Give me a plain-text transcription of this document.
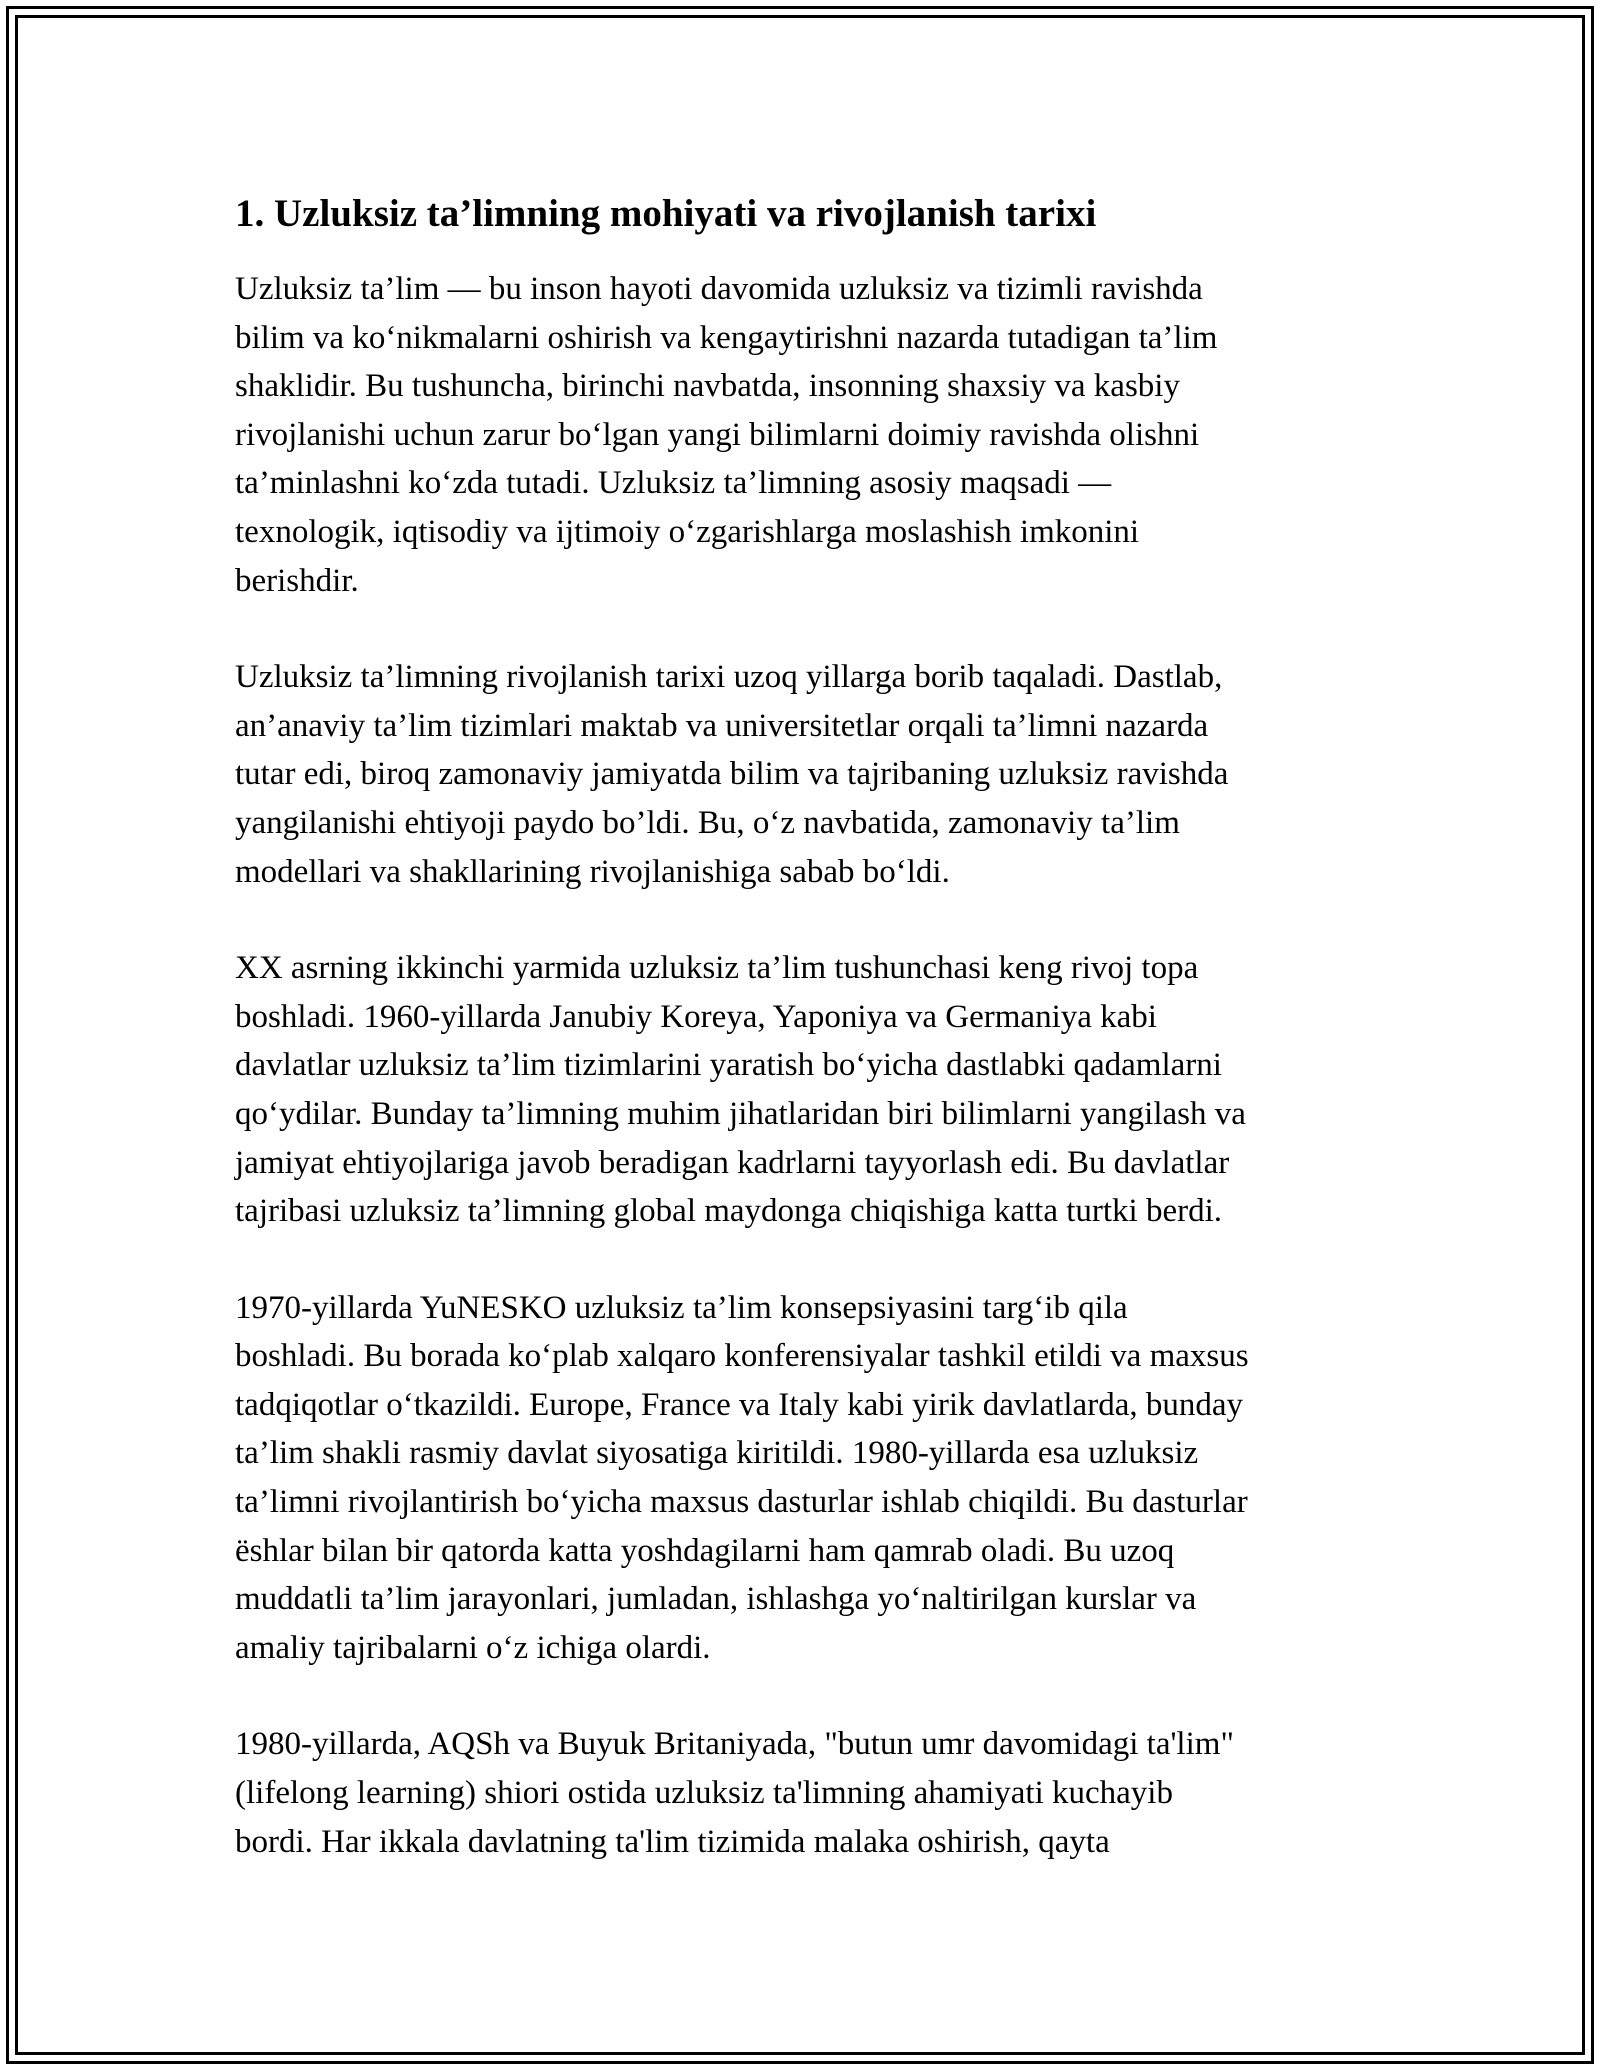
1. Uzluksiz ta’limning mohiyati va rivojlanish tarixi

Uzluksiz ta’lim — bu inson hayoti davomida uzluksiz va tizimli ravishda
bilim va ko‘nikmalarni oshirish va kengaytirishni nazarda tutadigan ta’lim
shaklidir. Bu tushuncha, birinchi navbatda, insonning shaxsiy va kasbiy
rivojlanishi uchun zarur bo‘lgan yangi bilimlarni doimiy ravishda olishni
ta’minlashni ko‘zda tutadi. Uzluksiz ta’limning asosiy maqsadi —
texnologik, iqtisodiy va ijtimoiy o‘zgarishlarga moslashish imkonini
berishdir.

Uzluksiz ta’limning rivojlanish tarixi uzoq yillarga borib taqaladi. Dastlab,
an’anaviy ta’lim tizimlari maktab va universitetlar orqali ta’limni nazarda
tutar edi, biroq zamonaviy jamiyatda bilim va tajribaning uzluksiz ravishda
yangilanishi ehtiyoji paydo bo’ldi. Bu, o‘z navbatida, zamonaviy ta’lim
modellari va shakllarining rivojlanishiga sabab bo‘ldi.

XX asrning ikkinchi yarmida uzluksiz ta’lim tushunchasi keng rivoj topa
boshladi. 1960-yillarda Janubiy Koreya, Yaponiya va Germaniya kabi
davlatlar uzluksiz ta’lim tizimlarini yaratish bo‘yicha dastlabki qadamlarni
qo‘ydilar. Bunday ta’limning muhim jihatlaridan biri bilimlarni yangilash va
jamiyat ehtiyojlariga javob beradigan kadrlarni tayyorlash edi. Bu davlatlar
tajribasi uzluksiz ta’limning global maydonga chiqishiga katta turtki berdi.

1970-yillarda YuNESKO uzluksiz ta’lim konsepsiyasini targ‘ib qila
boshladi. Bu borada ko‘plab xalqaro konferensiyalar tashkil etildi va maxsus
tadqiqotlar o‘tkazildi. Europe, France va Italy kabi yirik davlatlarda, bunday
ta’lim shakli rasmiy davlat siyosatiga kiritildi. 1980-yillarda esa uzluksiz
ta’limni rivojlantirish bo‘yicha maxsus dasturlar ishlab chiqildi. Bu dasturlar
ëshlar bilan bir qatorda katta yoshdagilarni ham qamrab oladi. Bu uzoq
muddatli ta’lim jarayonlari, jumladan, ishlashga yo‘naltirilgan kurslar va
amaliy tajribalarni o‘z ichiga olardi.

1980-yillarda, AQSh va Buyuk Britaniyada, "butun umr davomidagi ta'lim"
(lifelong learning) shiori ostida uzluksiz ta'limning ahamiyati kuchayib
bordi. Har ikkala davlatning ta'lim tizimida malaka oshirish, qayta
